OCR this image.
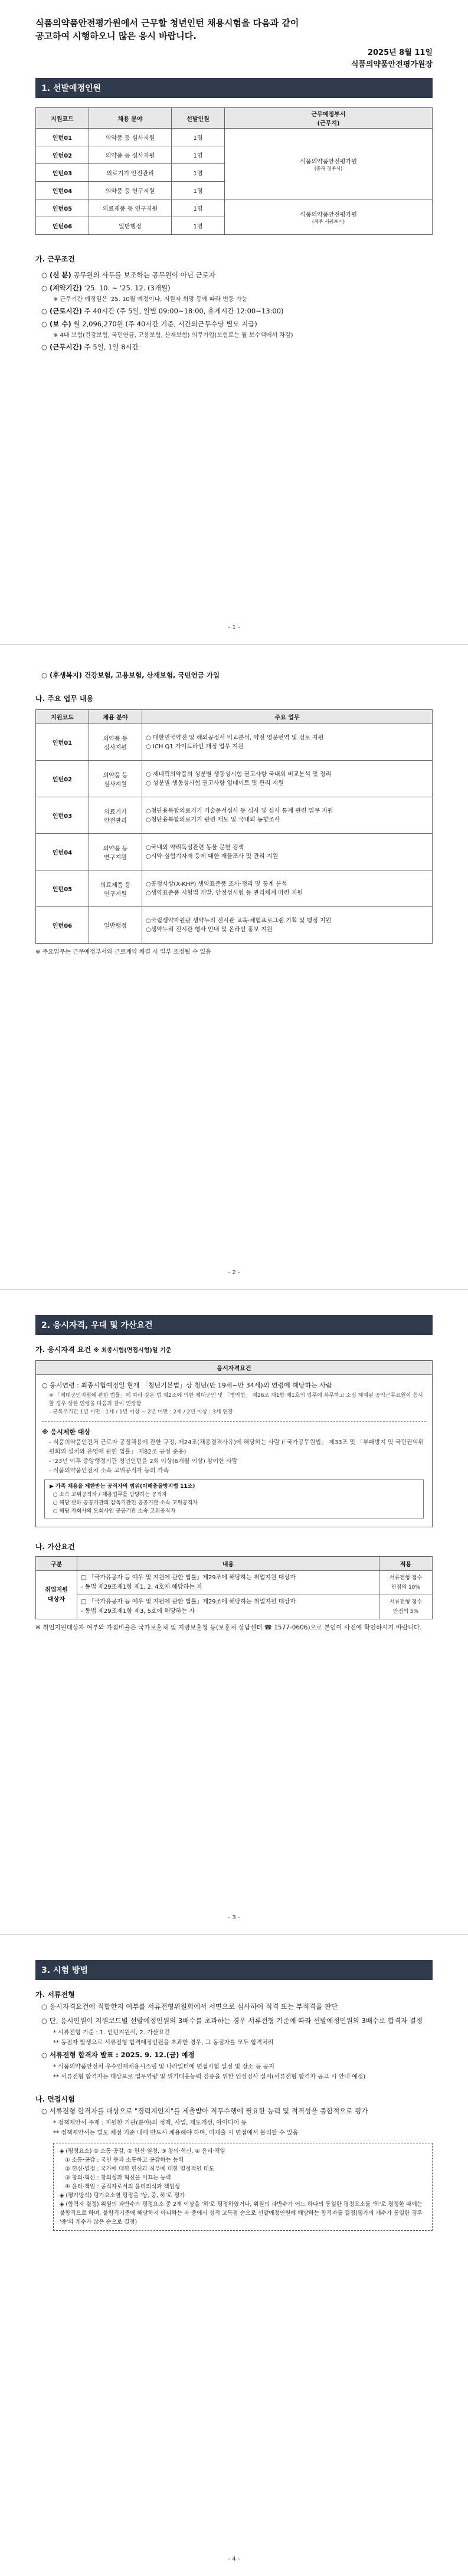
식품의약품안전평가원에서 근무할 청년인턴 채용시험을 다음과 같이
공고하여 시행하오니 많은 응시 바랍니다.
2025년 8월 11일
식품의약품안전평가원장
1. 선발예정인원
지원코드	채용 분야	선발인원	근무예정부서
(근무지)
인턴01	의약품 등 심사지원	1명	식품의약품안전평가원
(충북 청주시)

인턴02	의약품 등 심사지원	1명	
인턴03	의료기기 안전관리	1명	
인턴04	의약품 등 연구지원	1명	
인턴05	의료제품 등 연구지원	1명	식품의약품안전평가원
(제주 서귀포시)

인턴06	일반행정	1명	
가. 근무조건
○ (신 분) 공무원의 사무를 보조하는 공무원이 아닌 근로자
○ (계약기간) '25. 10. ~ '25. 12. (3개월)
※ 근무기간 예정일은 '25. 10월 예정이나, 지원자 희망 등에 따라 변동 가능
○ (근로시간) 주 40시간 (주 5일, 일별 09:00~18:00, 휴게시간 12:00~13:00)
○ (보 수) 월 2,096,270원 (주 40시간 기준, 시간외근무수당 별도 지급)
※ 4대 보험(건강보험, 국민연금, 고용보험, 산재보험) 의무가입(보험료는 월 보수액에서 차감)
○ (근무시간) 주 5일, 1일 8시간
- 1 -
○ (후생복지) 건강보험, 고용보험, 산재보험, 국민연금 가입
나. 주요 업무 내용
지원코드	채용 분야	주요 업무
인턴01	의약품 등
심사지원	○ 대한민국약전 및 해외공정서 비교분석, 약전 영문번역 및 검토 지원
○ ICH Q1 가이드라인 개정 업무 지원
인턴02	의약품 등
심사지원	○ 제네릭의약품의 성분별 생동성시험 권고사항 국내외 비교분석 및 정리
○ 성분별 생동성시험 권고사항 업데이트 및 관리 지원
인턴03	의료기기
안전관리	○첨단융복합의료기기 기술문서심사 등 심사 및 심사 통계 관련 업무 지원
○첨단융복합의료기기 관련 제도 및 국내외 동향조사
인턴04	의약품 등
연구지원	○국내외 약리독성관련 동물 문헌 검색
○시약·실험기자재 등에 대한 재물조사 및 관리 지원
인턴05	의료제품 등
연구지원	○공정시상(X-KHP) 생약표준품 조사·정리 및 통계 분석
○생약표준품 시험법 개발, 안정성시험 등 관리체계 마련 지원
인턴06	일반행정	○국립생약자원관 생약누리 전시관 교육·체험프로그램 기획 및 행정 지원
○생약누리 전시관 행사 안내 및 온라인 홍보 지원
※ 주요업무는 근무예정부서와 근로계약 체결 시 일부 조정될 수 있음
- 2 -
2. 응시자격, 우대 및 가산요건
가. 응시자격 요건 ※ 최종시험(면접시험)일 기준
응시자격요건
○ 응시연령 : 최종시험예정일 현재 「청년기본법」상 청년(만 19세~만 34세)의 연령에 해당하는 사람
※ 「제대군인지원에 관한 법률」에 따라 같은 법 제2조에 의한 제대군인 및 「병역법」 제26조 제1항 제1호의 업무에 복무하고 소집 해제된 공익근무요원이 응시할 경우 상한 연령을 다음과 같이 연장함
- 군복무기간 1년 미만 : 1세 / 1년 이상 ~ 2년 미만 : 2세 / 2년 이상 : 3세 연장
※ 응시제한 대상
- 식품의약품안전처 근로자 공정채용에 관한 규정, 제24조(채용결격사유)에 해당하는 사람 (「국가공무원법」 제33조 및 「부패방지 및 국민권익위원회의 설치와 운영에 관한 법률」 제82조 규정 준용)
- '23년 이후 중앙행정기관 청년인턴을 2회 이상(6개월 이상) 참여한 사람
- 식품의약품안전처 소속 고위공직자 등의 가족
▶ 가족 채용을 제한받는 공직자의 범위(이해충돌방지법 11조)
○ 소속 고위공직자 / 채용업무를 담당하는 공직자
○ 해당 산하 공공기관의 감독기관인 공공기관 소속 고위공직자
○ 해당 자회사의 모회사인 공공기관 소속 고위공직자
나. 가산요건
구분	내용	적용
취업지원
대상자	□ 「국가유공자 등 예우 및 지원에 관한 법률」제29조에 해당하는 취업지원 대상자
- 동법 제29조제1항 제1, 2, 4호에 해당하는 자	서류전형 점수
만점의 10%
	□ 「국가유공자 등 예우 및 지원에 관한 법률」제29조에 해당하는 취업지원 대상자
- 동법 제29조제1항 제3, 5호에 해당하는 자	서류전형 점수
만점의 5%
※ 취업지원대상자 여부와 가점비율은 국가보훈처 및 지방보훈청 등(보훈처 상담센터 ☎ 1577-0606)으로 본인이 사전에 확인하시기 바랍니다.
- 3 -
3. 시험 방법
가. 서류전형
○ 응시자격요건에 적합한지 여부를 서류전형위원회에서 서면으로 심사하여 적격 또는 부적격을 판단
○ 단, 응시인원이 지원코드별 선발예정인원의 3배수를 초과하는 경우 서류전형 기준에 따라 선발예정인원의 3배수로 합격자 결정
* 서류전형 기준 : 1. 인턴지원서, 2. 가산요건
** 동점자 발생으로 서류전형 합격예정인원을 초과한 경우, 그 동점자를 모두 합격처리
○ 서류전형 합격자 발표 : 2025. 9. 12.(금) 예정
* 식품의약품안전처 우수인재채용시스템 및 나라일터에 면접시험 일정 및 장소 등 공지
** 서류전형 합격자는 대상으로 업무역량 및 위기대응능력 검증을 위한 인성검사 실시(서류전형 합격자 공고 시 안내 예정)
나. 면접시험
○ 서류전형 합격자를 대상으로 "경력계인지"를 제출받아 직무수행에 필요한 능력 및 적격성을 종합적으로 평가
* 정책제안서 주제 : 지원한 기관(분야)의 정책, 사업, 제도개선, 아이디어 등
** 정책제안서는 별도 채점 기준 내에 반드시 채용해야 하며, 미제출 시 면접에서 불리할 수 있음
◈ (평정요소) ① 소통·공감, ② 헌신·열정, ③ 창의·혁신, ④ 윤리·책임
① 소통·공감 : 국민 등과 소통하고 공감하는 능력
② 헌신·열정 : 국가에 대한 헌신과 직무에 대한 열정적인 태도
③ 창의·혁신 : 창의성과 혁신을 이끄는 능력
④ 윤리·책임 : 공직자로서의 윤리의식과 책임성
◈ (평가방식) 평가요소별 평정을 '상, 중, 하'로 평가
◈ (합격자 결정) 위원의 과반수가 평정요소 중 2개 이상을 '하'로 평정하였거나, 위원의 과반수가 어느 하나의 동일한 평정요소를 '하'로 평정한 때에는 불합격으로 하며, 불합격기준에 해당하지 아니하는 자 중에서 성적 고득점 순으로 선발예정인원에 해당하는 합격자를 결정(평가의 개수가 동일한 경우 '중'의 개수가 많은 순으로 결정)
- 4 -
